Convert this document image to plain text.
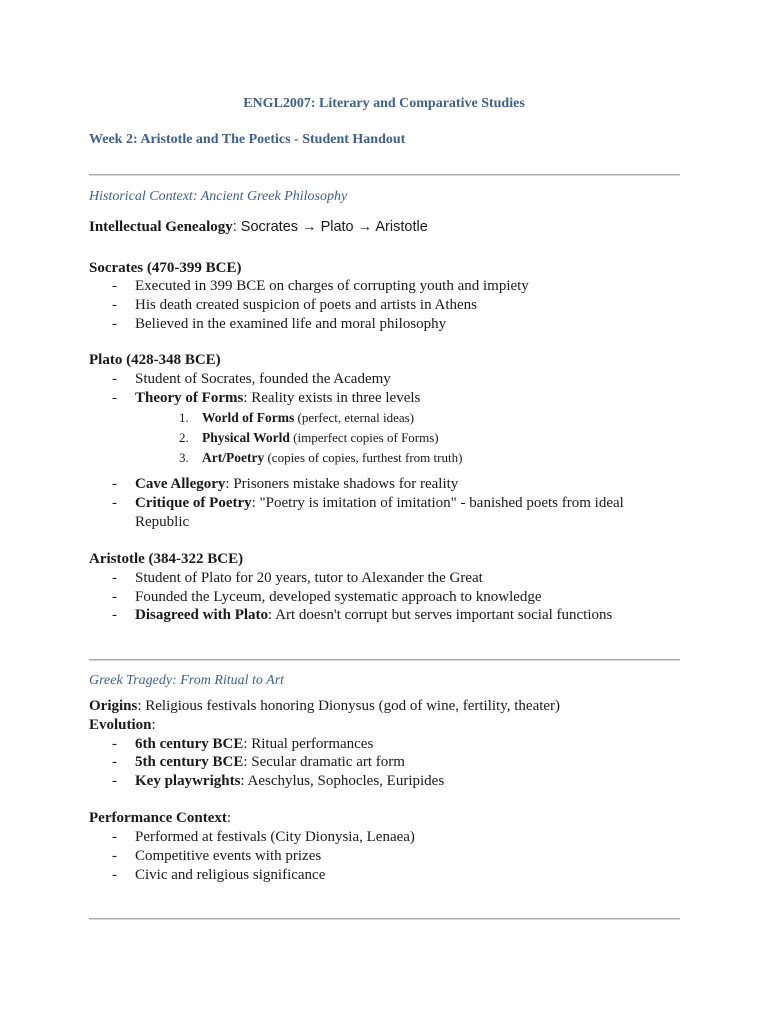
ENGL2007: Literary and Comparative Studies
Week 2: Aristotle and The Poetics - Student Handout
Historical Context: Ancient Greek Philosophy
Intellectual Genealogy: Socrates → Plato → Aristotle
Socrates (470-399 BCE)
- Executed in 399 BCE on charges of corrupting youth and impiety
- His death created suspicion of poets and artists in Athens
- Believed in the examined life and moral philosophy
Plato (428-348 BCE)
- Student of Socrates, founded the Academy
- Theory of Forms: Reality exists in three levels
1. World of Forms (perfect, eternal ideas)
2. Physical World (imperfect copies of Forms)
3. Art/Poetry (copies of copies, furthest from truth)
- Cave Allegory: Prisoners mistake shadows for reality
- Critique of Poetry: "Poetry is imitation of imitation" - banished poets from ideal
Republic
Aristotle (384-322 BCE)
- Student of Plato for 20 years, tutor to Alexander the Great
- Founded the Lyceum, developed systematic approach to knowledge
- Disagreed with Plato: Art doesn't corrupt but serves important social functions
Greek Tragedy: From Ritual to Art
Origins: Religious festivals honoring Dionysus (god of wine, fertility, theater)
Evolution:
- 6th century BCE: Ritual performances
- 5th century BCE: Secular dramatic art form
- Key playwrights: Aeschylus, Sophocles, Euripides
Performance Context:
- Performed at festivals (City Dionysia, Lenaea)
- Competitive events with prizes
- Civic and religious significance
